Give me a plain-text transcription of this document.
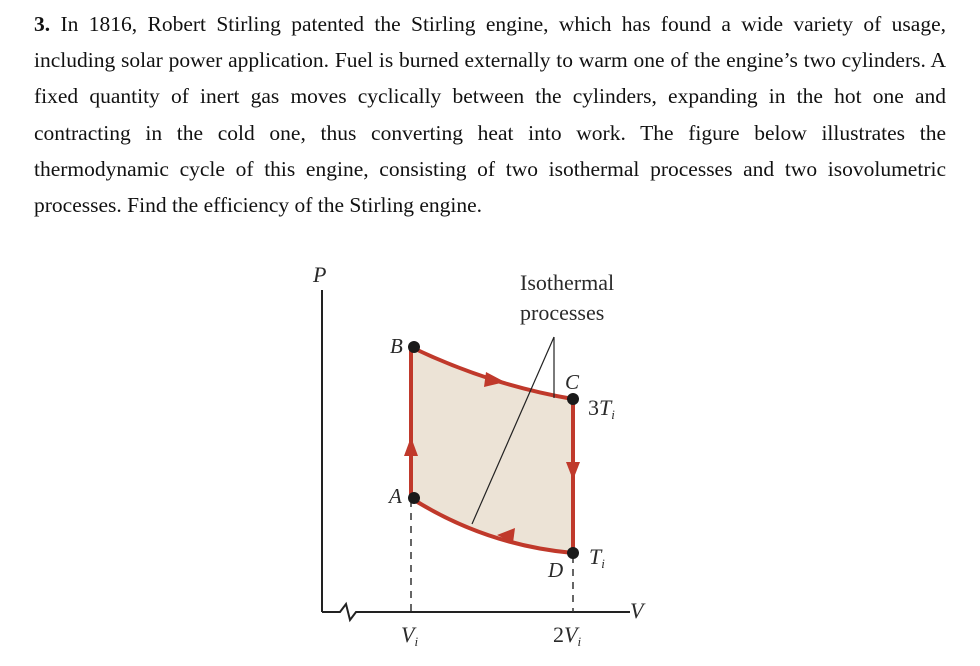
3. In 1816, Robert Stirling patented the Stirling engine, which has found a wide variety of usage, including solar power application. Fuel is burned externally to warm one of the engine’s two cylinders. A fixed quantity of inert gas moves cyclically between the cylinders, expanding in the hot one and contracting in the cold one, thus converting heat into work. The figure below illustrates the thermodynamic cycle of this engine, consisting of two isothermal processes and two isovolumetric processes. Find the efficiency of the Stirling engine.
P
V
Isothermal
processes
B
C
A
D
$3T_i$
$T_i$
$V_i$	$2V_i$
